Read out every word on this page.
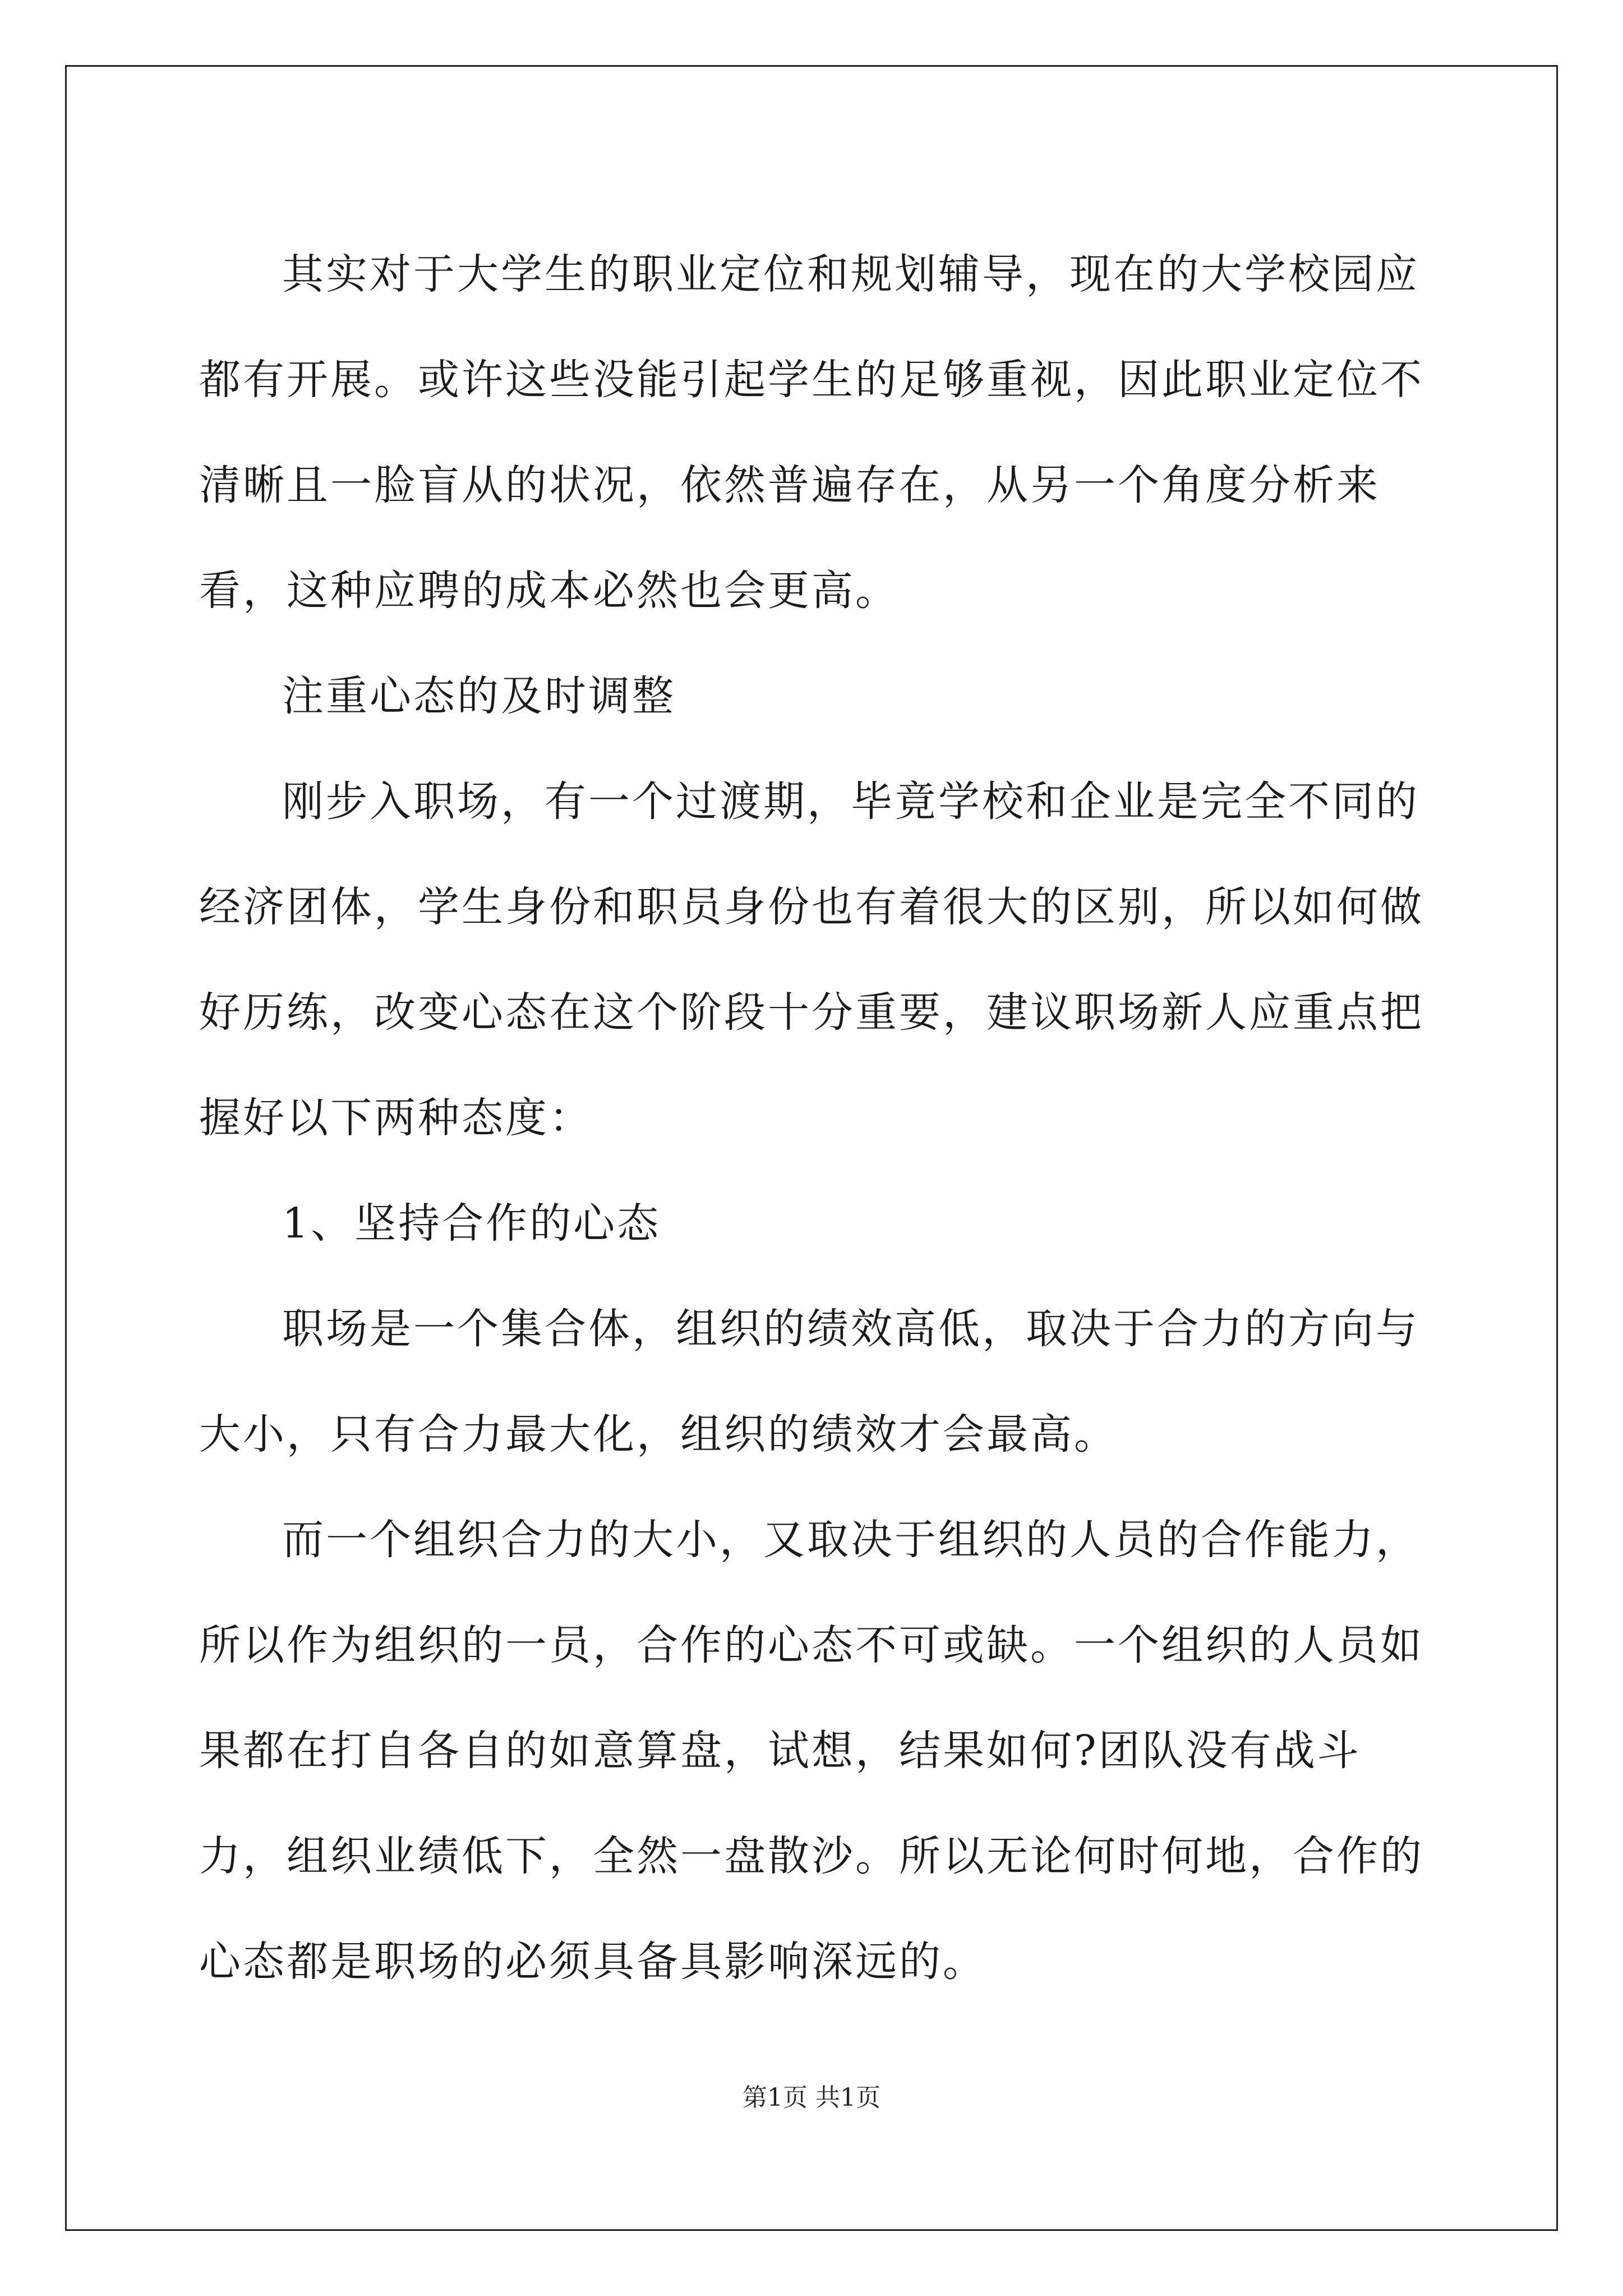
其实对于大学生的职业定位和规划辅导，现在的大学校园应都有开展。或许这些没能引起学生的足够重视，因此职业定位不清晰且一脸盲从的状况，依然普遍存在，从另一个角度分析来看，这种应聘的成本必然也会更高。

注重心态的及时调整

刚步入职场，有一个过渡期，毕竟学校和企业是完全不同的经济团体，学生身份和职员身份也有着很大的区别，所以如何做好历练，改变心态在这个阶段十分重要，建议职场新人应重点把握好以下两种态度：

1、坚持合作的心态

职场是一个集合体，组织的绩效高低，取决于合力的方向与大小，只有合力最大化，组织的绩效才会最高。

而一个组织合力的大小，又取决于组织的人员的合作能力，所以作为组织的一员，合作的心态不可或缺。一个组织的人员如果都在打自各自的如意算盘，试想，结果如何?团队没有战斗力，组织业绩低下，全然一盘散沙。所以无论何时何地，合作的心态都是职场的必须具备具影响深远的。

第1页 共1页
